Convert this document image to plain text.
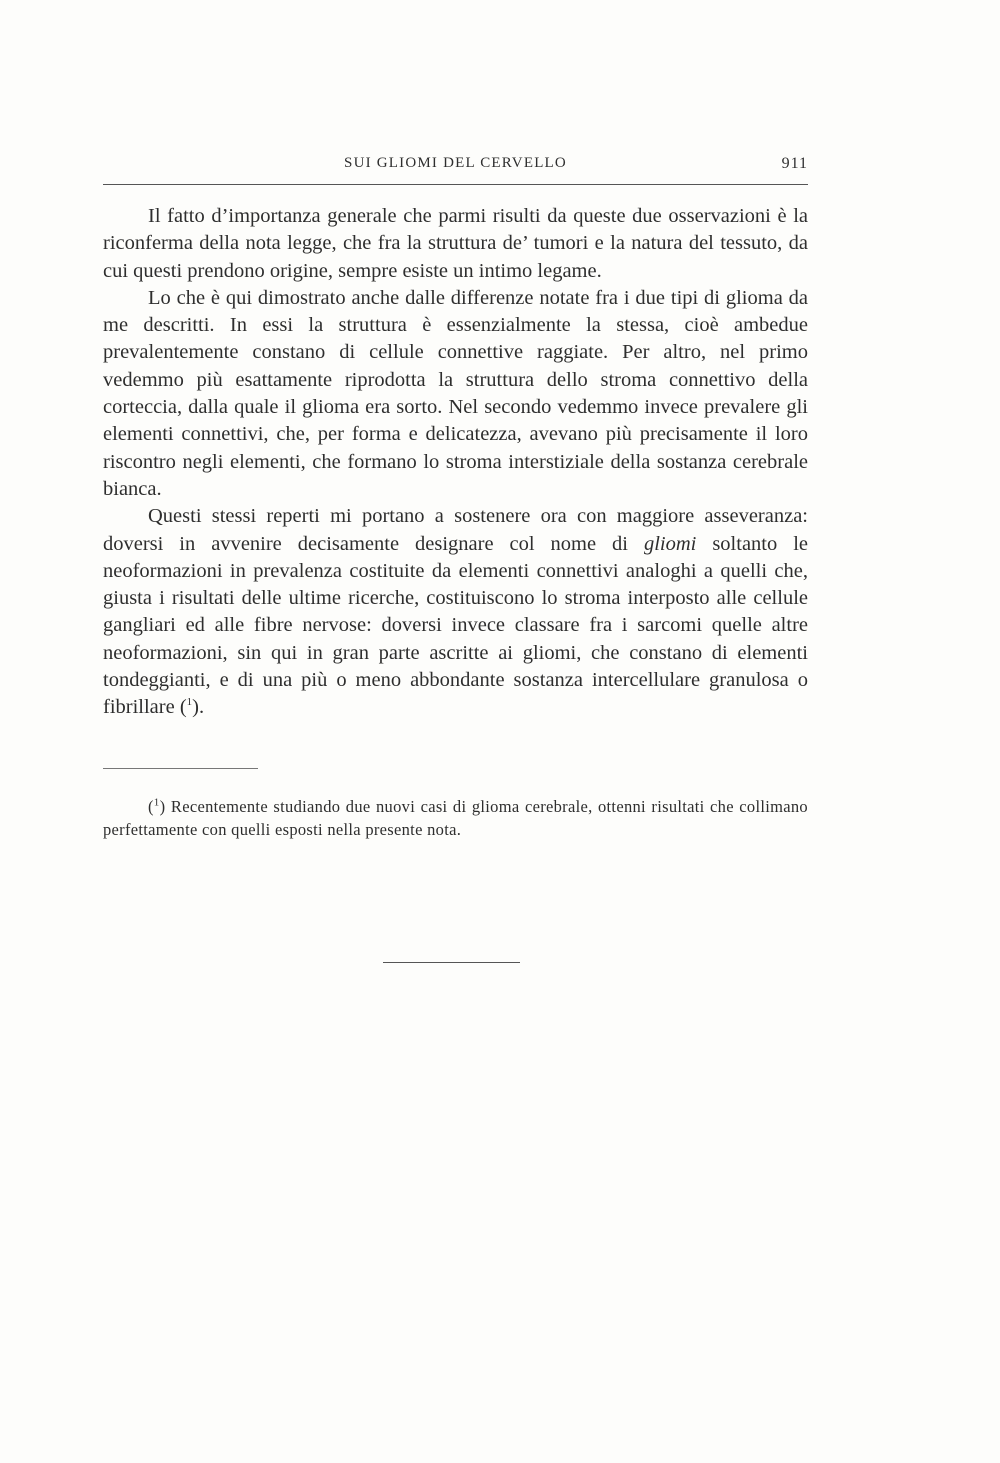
SUI GLIOMI DEL CERVELLO	911

Il fatto d’importanza generale che parmi risulti da queste due osservazioni è la riconferma della nota legge, che fra la struttura de’ tumori e la natura del tessuto, da cui questi prendono origine, sempre esiste un intimo legame.

Lo che è qui dimostrato anche dalle differenze notate fra i due tipi di glioma da me descritti. In essi la struttura è essenzialmente la stessa, cioè ambedue prevalentemente constano di cellule connettive raggiate. Per altro, nel primo vedemmo più esattamente riprodotta la struttura dello stroma connettivo della corteccia, dalla quale il glioma era sorto. Nel secondo vedemmo invece prevalere gli elementi connettivi, che, per forma e delicatezza, avevano più precisamente il loro riscontro negli elementi, che formano lo stroma interstiziale della sostanza cerebrale bianca.

Questi stessi reperti mi portano a sostenere ora con maggiore asseveranza: doversi in avvenire decisamente designare col nome di gliomi soltanto le neoformazioni in prevalenza costituite da elementi connettivi analoghi a quelli che, giusta i risultati delle ultime ricerche, costituiscono lo stroma interposto alle cellule gangliari ed alle fibre nervose: doversi invece classare fra i sarcomi quelle altre neoformazioni, sin qui in gran parte ascritte ai gliomi, che constano di elementi tondeggianti, e di una più o meno abbondante sostanza intercellulare granulosa o fibrillare ($^1$).

($^1$) Recentemente studiando due nuovi casi di glioma cerebrale, ottenni risultati che collimano perfettamente con quelli esposti nella presente nota.
